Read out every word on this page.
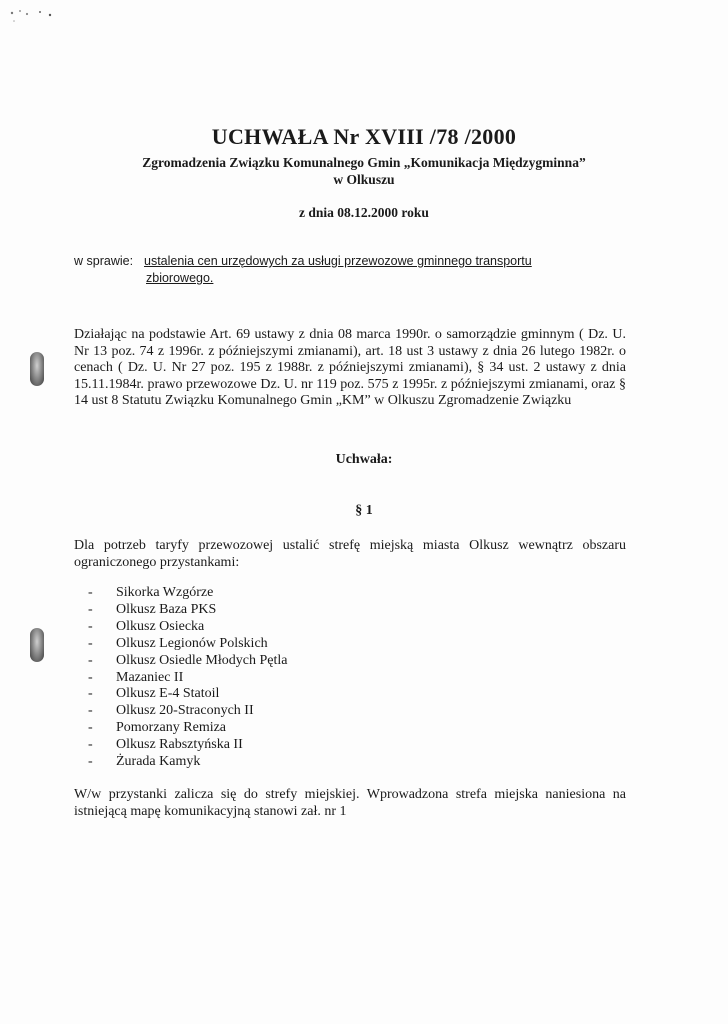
UCHWAŁA Nr XVIII /78 /2000
Zgromadzenia Związku Komunalnego Gmin „Komunikacja Międzygminna”
w Olkuszu
z dnia 08.12.2000 roku
w sprawie: ustalenia cen urzędowych za usługi przewozowe gminnego transportu
zbiorowego.
Działając na podstawie Art. 69 ustawy z dnia 08 marca 1990r. o samorządzie gminnym ( Dz. U. Nr 13 poz. 74 z 1996r. z późniejszymi zmianami), art. 18 ust 3 ustawy z dnia 26 lutego 1982r. o cenach ( Dz. U. Nr 27 poz. 195 z 1988r. z późniejszymi zmianami), § 34 ust. 2 ustawy z dnia 15.11.1984r. prawo przewozowe Dz. U. nr 119 poz. 575 z 1995r. z późniejszymi zmianami, oraz § 14 ust 8 Statutu Związku Komunalnego Gmin „KM” w Olkuszu Zgromadzenie Związku
Uchwała:
§ 1
Dla potrzeb taryfy przewozowej ustalić strefę miejską miasta Olkusz wewnątrz obszaru ograniczonego przystankami:
-	Sikorka Wzgórze
-	Olkusz Baza PKS
-	Olkusz Osiecka
-	Olkusz Legionów Polskich
-	Olkusz Osiedle Młodych Pętla
-	Mazaniec II
-	Olkusz E-4 Statoil
-	Olkusz 20-Straconych II
-	Pomorzany Remiza
-	Olkusz Rabsztyńska II
-	Żurada Kamyk
W/w przystanki zalicza się do strefy miejskiej. Wprowadzona strefa miejska naniesiona na istniejącą mapę komunikacyjną stanowi zał. nr 1
